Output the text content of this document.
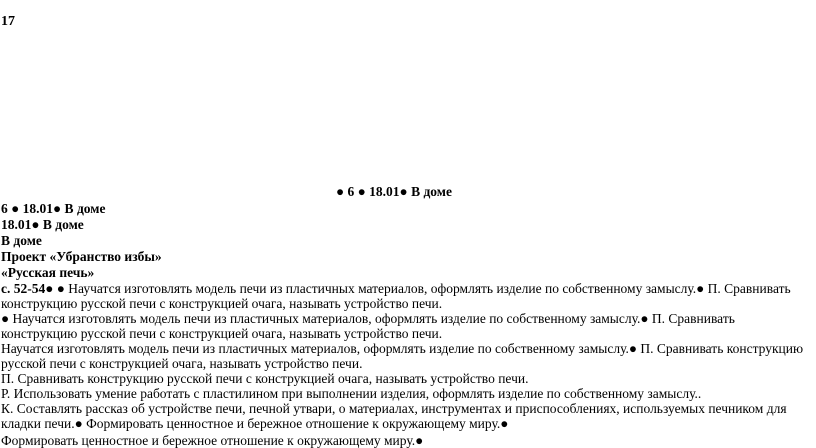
17
● 6 ● 18.01● В доме
6 ● 18.01● В доме
18.01● В доме
В доме
Проект «Убранство избы»
«Русская печь»

с. 52-54● ● Научатся изготовлять модель печи из пластичных материалов, оформлять изделие по собственному замыслу.● П. Сравнивать конструкцию русской печи с конструкцией очага, называть устройство печи.

● Научатся изготовлять модель печи из пластичных материалов, оформлять изделие по собственному замыслу.● П. Сравнивать конструкцию русской печи с конструкцией очага, называть устройство печи.

Научатся изготовлять модель печи из пластичных материалов, оформлять изделие по собственному замыслу.● П. Сравнивать конструкцию русской печи с конструкцией очага, называть устройство печи.

П. Сравнивать конструкцию русской печи с конструкцией очага, называть устройство печи.

Р. Использовать умение работать с пластилином при выполнении изделия, оформлять изделие по собственному замыслу..

К. Составлять рассказ об устройстве печи, печной утвари, о материалах, инструментах и приспособлениях, используемых печником для кладки печи.● Формировать ценностное и бережное отношение к окружающему миру.●

Формировать ценностное и бережное отношение к окружающему миру.●
